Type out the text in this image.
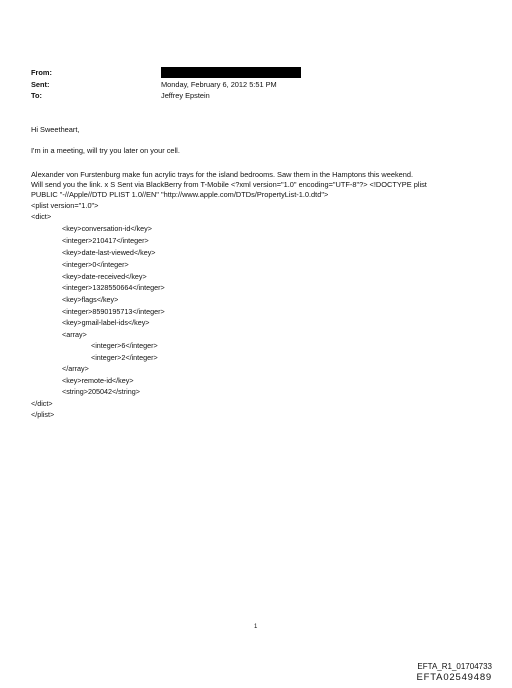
From:
Sent:	Monday, February 6, 2012 5:51 PM
To:	Jeffrey Epstein
Hi Sweetheart,
I'm in a meeting, will try you later on your cell.
Alexander von Furstenburg make fun acrylic trays for the island bedrooms. Saw them in the Hamptons this weekend.
Will send you the link. x S Sent via BlackBerry from T-Mobile <?xml version="1.0" encoding="UTF-8"?> <!DOCTYPE plist
PUBLIC "-//Apple//DTD PLIST 1.0//EN" "http://www.apple.com/DTDs/PropertyList-1.0.dtd">
<plist version="1.0">
<dict>
<key>conversation-id</key>
<integer>210417</integer>
<key>date-last-viewed</key>
<integer>0</integer>
<key>date-received</key>
<integer>1328550664</integer>
<key>flags</key>
<integer>8590195713</integer>
<key>gmail-label-ids</key>
<array>
<integer>6</integer>
<integer>2</integer>
</array>
<key>remote-id</key>
<string>205042</string>
</dict>
</plist>
1
EFTA_R1_01704733
EFTA02549489
